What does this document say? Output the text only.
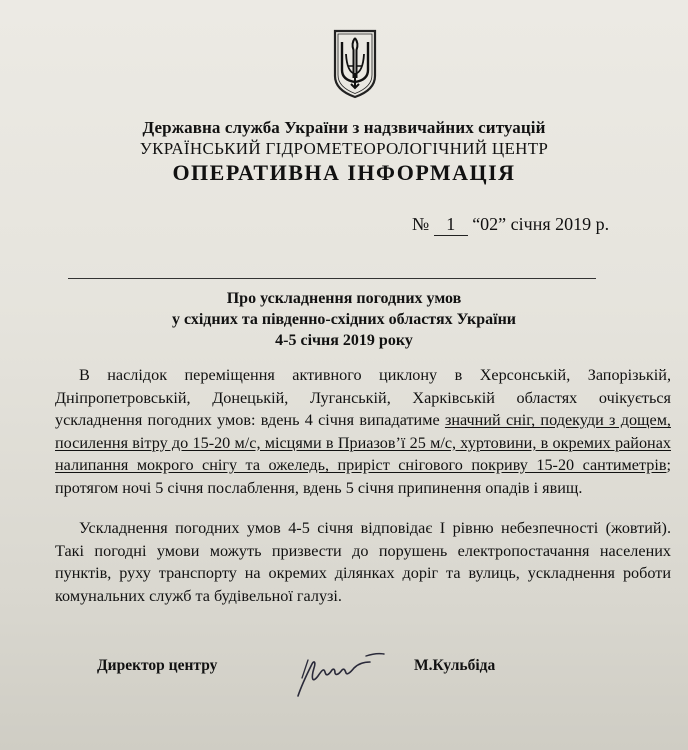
Державна служба України з надзвичайних ситуацій
УКРАЇНСЬКИЙ ГІДРОМЕТЕОРОЛОГІЧНИЙ ЦЕНТР
ОПЕРАТИВНА ІНФОРМАЦІЯ
№ 1 “02” січня 2019 р.
Про ускладнення погодних умов
у східних та південно-східних областях України
4-5 січня 2019 року
В наслідок переміщення активного циклону в Херсонській, Запорізькій, Дніпропетровській, Донецькій, Луганській, Харківській областях очікується ускладнення погодних умов: вдень 4 січня випадатиме значний сніг, подекуди з дощем, посилення вітру до 15-20 м/с, місцями в Приазов’ї 25 м/с, хуртовини, в окремих районах налипання мокрого снігу та ожеледь, приріст снігового покриву 15-20 сантиметрів; протягом ночі 5 січня послаблення, вдень 5 січня припинення опадів і явищ.
Ускладнення погодних умов 4-5 січня відповідає І рівню небезпечності (жовтий). Такі погодні умови можуть призвести до порушень електропостачання населених пунктів, руху транспорту на окремих ділянках доріг та вулиць, ускладнення роботи комунальних служб та будівельної галузі.
Директор центру	М.Кульбіда
